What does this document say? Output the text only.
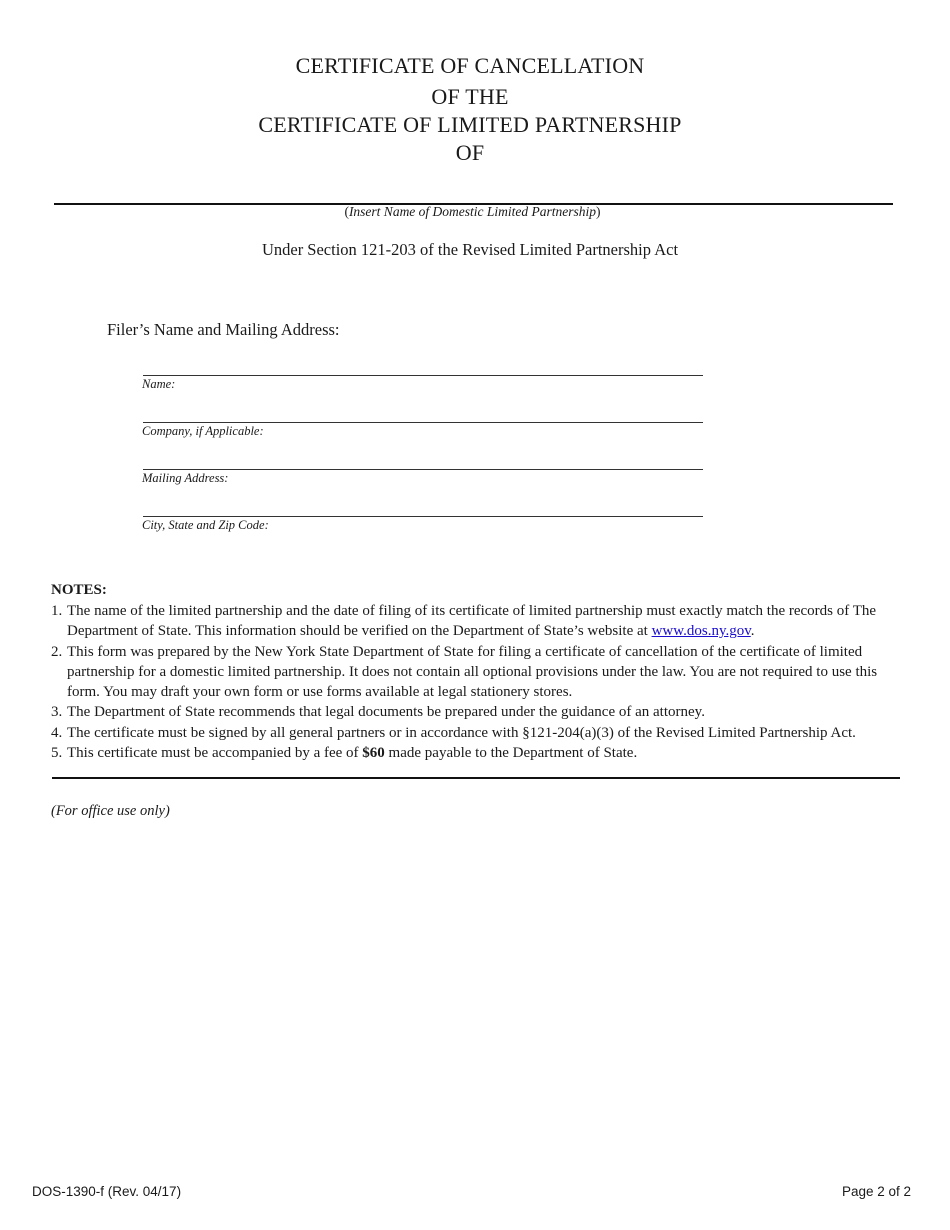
CERTIFICATE OF CANCELLATION
OF THE
CERTIFICATE OF LIMITED PARTNERSHIP
OF
(Insert Name of Domestic Limited Partnership)
Under Section 121-203 of the Revised Limited Partnership Act
Filer’s Name and Mailing Address:
Name:
Company, if Applicable:
Mailing Address:
City, State and Zip Code:
NOTES:
1. The name of the limited partnership and the date of filing of its certificate of limited partnership must exactly match the records of The Department of State. This information should be verified on the Department of State’s website at www.dos.ny.gov.
2. This form was prepared by the New York State Department of State for filing a certificate of cancellation of the certificate of limited partnership for a domestic limited partnership. It does not contain all optional provisions under the law. You are not required to use this form. You may draft your own form or use forms available at legal stationery stores.
3. The Department of State recommends that legal documents be prepared under the guidance of an attorney.
4. The certificate must be signed by all general partners or in accordance with §121-204(a)(3) of the Revised Limited Partnership Act.
5. This certificate must be accompanied by a fee of $60 made payable to the Department of State.
(For office use only)
DOS-1390-f (Rev. 04/17)	Page 2 of 2
